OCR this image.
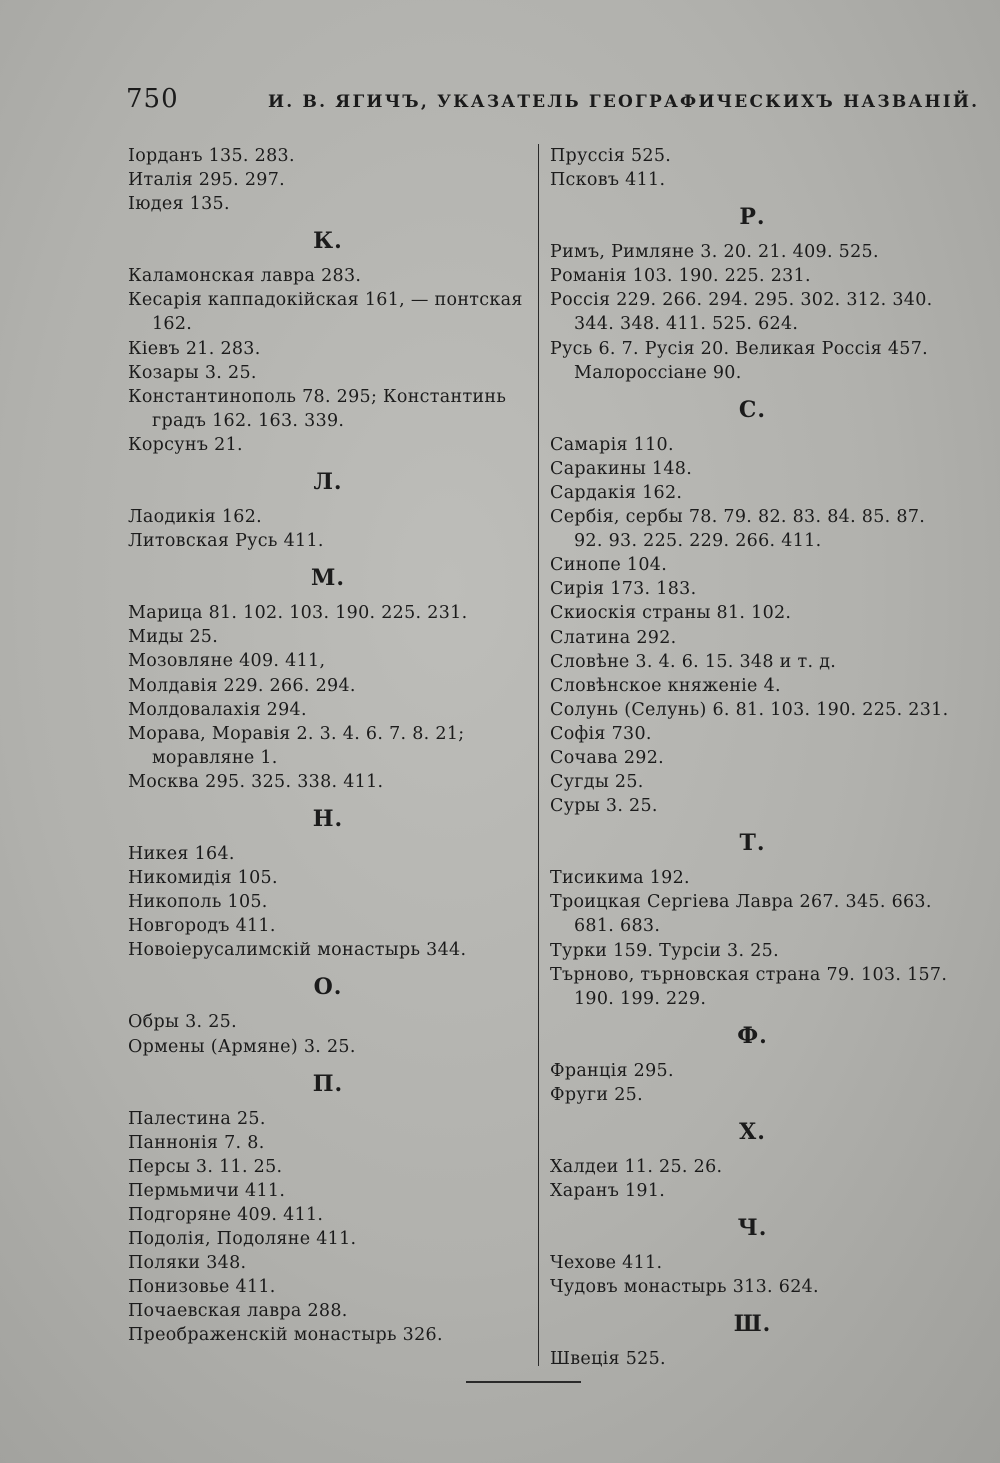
750	И. В. ЯГИЧЪ, УКАЗАТЕЛЬ ГЕОГРАФИЧЕСКИХЪ НАЗВАНІЙ.
Іорданъ 135. 283.
Италія 295. 297.
Іюдея 135.
К.
Каламонская лавра 283.
Кесарія каппадокійская 161, — понтская 162.
Кіевъ 21. 283.
Козары 3. 25.
Константинополь 78. 295; Константинь градъ 162. 163. 339.
Корсунъ 21.
Л.
Лаодикія 162.
Литовская Русь 411.
М.
Марица 81. 102. 103. 190. 225. 231.
Миды 25.
Мозовляне 409. 411,
Молдавія 229. 266. 294.
Молдовалахія 294.
Морава, Моравія 2. 3. 4. 6. 7. 8. 21; моравляне 1.
Москва 295. 325. 338. 411.
Н.
Никея 164.
Никомидія 105.
Никополь 105.
Новгородъ 411.
Новоіерусалимскій монастырь 344.
О.
Обры 3. 25.
Ормены (Армяне) 3. 25.
П.
Палестина 25.
Паннонія 7. 8.
Персы 3. 11. 25.
Пермьмичи 411.
Подгоряне 409. 411.
Подолія, Подоляне 411.
Поляки 348.
Понизовье 411.
Почаевская лавра 288.
Преображенскій монастырь 326.
Пруссія 525.
Псковъ 411.
Р.
Римъ, Римляне 3. 20. 21. 409. 525.
Романія 103. 190. 225. 231.
Россія 229. 266. 294. 295. 302. 312. 340. 344. 348. 411. 525. 624.
Русь 6. 7. Русія 20. Великая Россія 457. Малороссіане 90.
С.
Самарія 110.
Саракины 148.
Сардакія 162.
Сербія, сербы 78. 79. 82. 83. 84. 85. 87. 92. 93. 225. 229. 266. 411.
Синопе 104.
Сирія 173. 183.
Скиоскія страны 81. 102.
Слатина 292.
Словѣне 3. 4. 6. 15. 348 и т. д.
Словѣнское княженіе 4.
Солунь (Селунь) 6. 81. 103. 190. 225. 231.
Софія 730.
Сочава 292.
Сугды 25.
Суры 3. 25.
Т.
Тисикима 192.
Троицкая Сергіева Лавра 267. 345. 663. 681. 683.
Турки 159. Турсіи 3. 25.
Търново, търновская страна 79. 103. 157. 190. 199. 229.
Ф.
Франція 295.
Фруги 25.
Х.
Халдеи 11. 25. 26.
Харанъ 191.
Ч.
Чехове 411.
Чудовъ монастырь 313. 624.
Ш.
Швеція 525.
